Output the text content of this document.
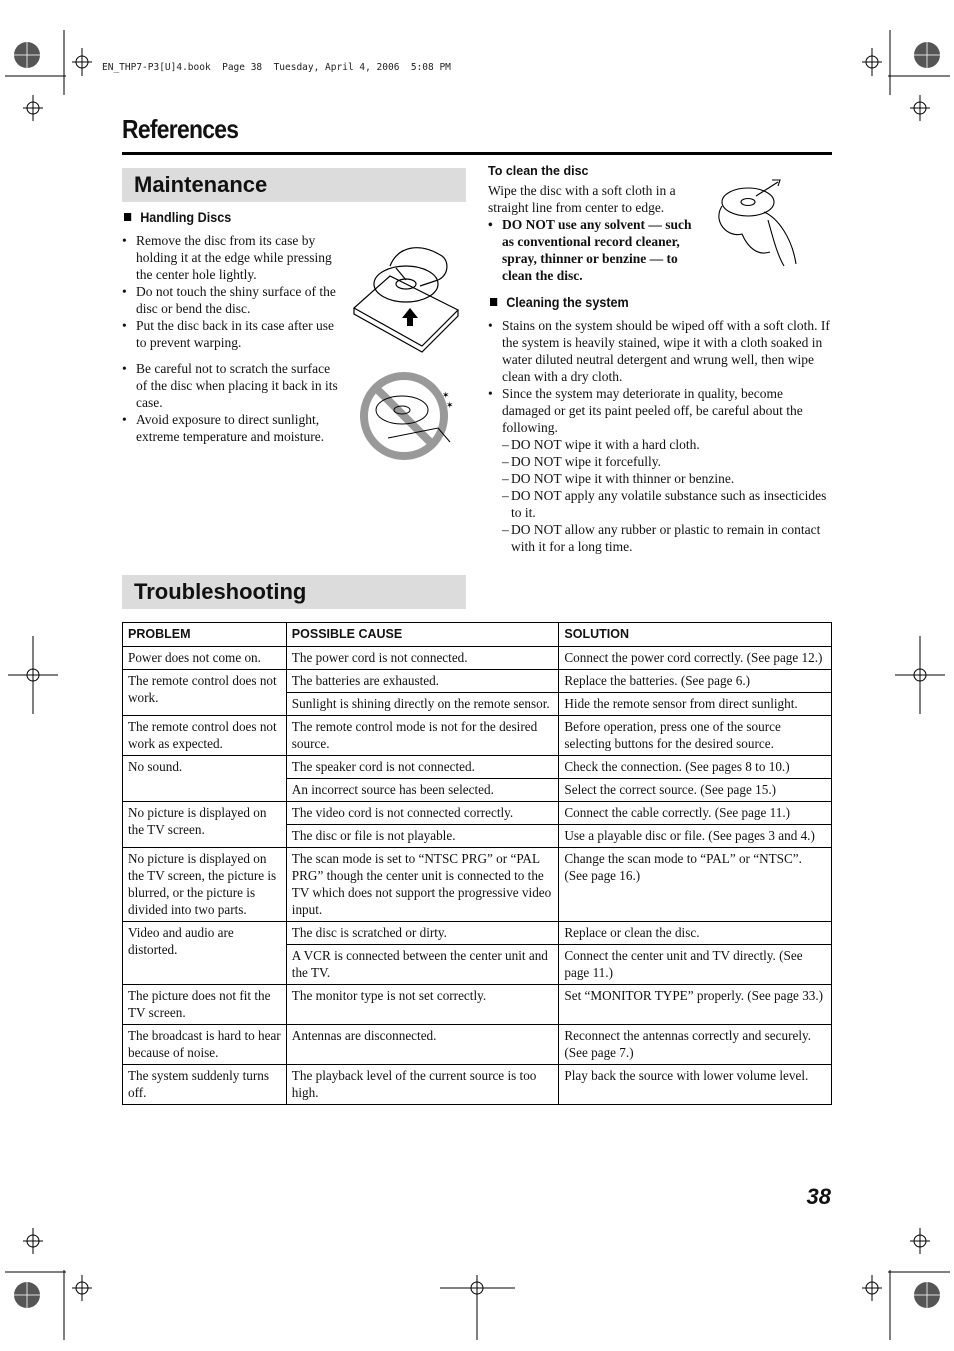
EN_THP7-P3[U]4.book  Page 38  Tuesday, April 4, 2006  5:08 PM
References
Maintenance
Handling Discs
• Remove the disc from its case by holding it at the edge while pressing the center hole lightly.
• Do not touch the shiny surface of the disc or bend the disc.
• Put the disc back in its case after use to prevent warping.
• Be careful not to scratch the surface of the disc when placing it back in its case.
• Avoid exposure to direct sunlight, extreme temperature and moisture.
✶
✶
To clean the disc
Wipe the disc with a soft cloth in a straight line from center to edge.
• DO NOT use any solvent — such as conventional record cleaner, spray, thinner or benzine — to clean the disc.
Cleaning the system
• Stains on the system should be wiped off with a soft cloth. If the system is heavily stained, wipe it with a cloth soaked in water diluted neutral detergent and wrung well, then wipe clean with a dry cloth.
• Since the system may deteriorate in quality, become damaged or get its paint peeled off, be careful about the following.
– DO NOT wipe it with a hard cloth.
– DO NOT wipe it forcefully.
– DO NOT wipe it with thinner or benzine.
– DO NOT apply any volatile substance such as insecticides to it.
– DO NOT allow any rubber or plastic to remain in contact with it for a long time.
Troubleshooting
PROBLEM	POSSIBLE CAUSE	SOLUTION
Power does not come on.	The power cord is not connected.	Connect the power cord correctly. (See page 12.)
The remote control does not work.	The batteries are exhausted.	Replace the batteries. (See page 6.)
	Sunlight is shining directly on the remote sensor.	Hide the remote sensor from direct sunlight.
The remote control does not work as expected.	The remote control mode is not for the desired source.	Before operation, press one of the source selecting buttons for the desired source.
No sound.	The speaker cord is not connected.	Check the connection. (See pages 8 to 10.)
	An incorrect source has been selected.	Select the correct source. (See page 15.)
No picture is displayed on the TV screen.	The video cord is not connected correctly.	Connect the cable correctly. (See page 11.)
	The disc or file is not playable.	Use a playable disc or file. (See pages 3 and 4.)
No picture is displayed on the TV screen, the picture is blurred, or the picture is divided into two parts.	The scan mode is set to “NTSC PRG” or “PAL PRG” though the center unit is connected to the TV which does not support the progressive video input.	Change the scan mode to “PAL” or “NTSC”. (See page 16.)
Video and audio are distorted.	The disc is scratched or dirty.	Replace or clean the disc.
	A VCR is connected between the center unit and the TV.	Connect the center unit and TV directly. (See page 11.)
The picture does not fit the TV screen.	The monitor type is not set correctly.	Set “MONITOR TYPE” properly. (See page 33.)
The broadcast is hard to hear because of noise.	Antennas are disconnected.	Reconnect the antennas correctly and securely. (See page 7.)
The system suddenly turns off.	The playback level of the current source is too high.	Play back the source with lower volume level.
38
